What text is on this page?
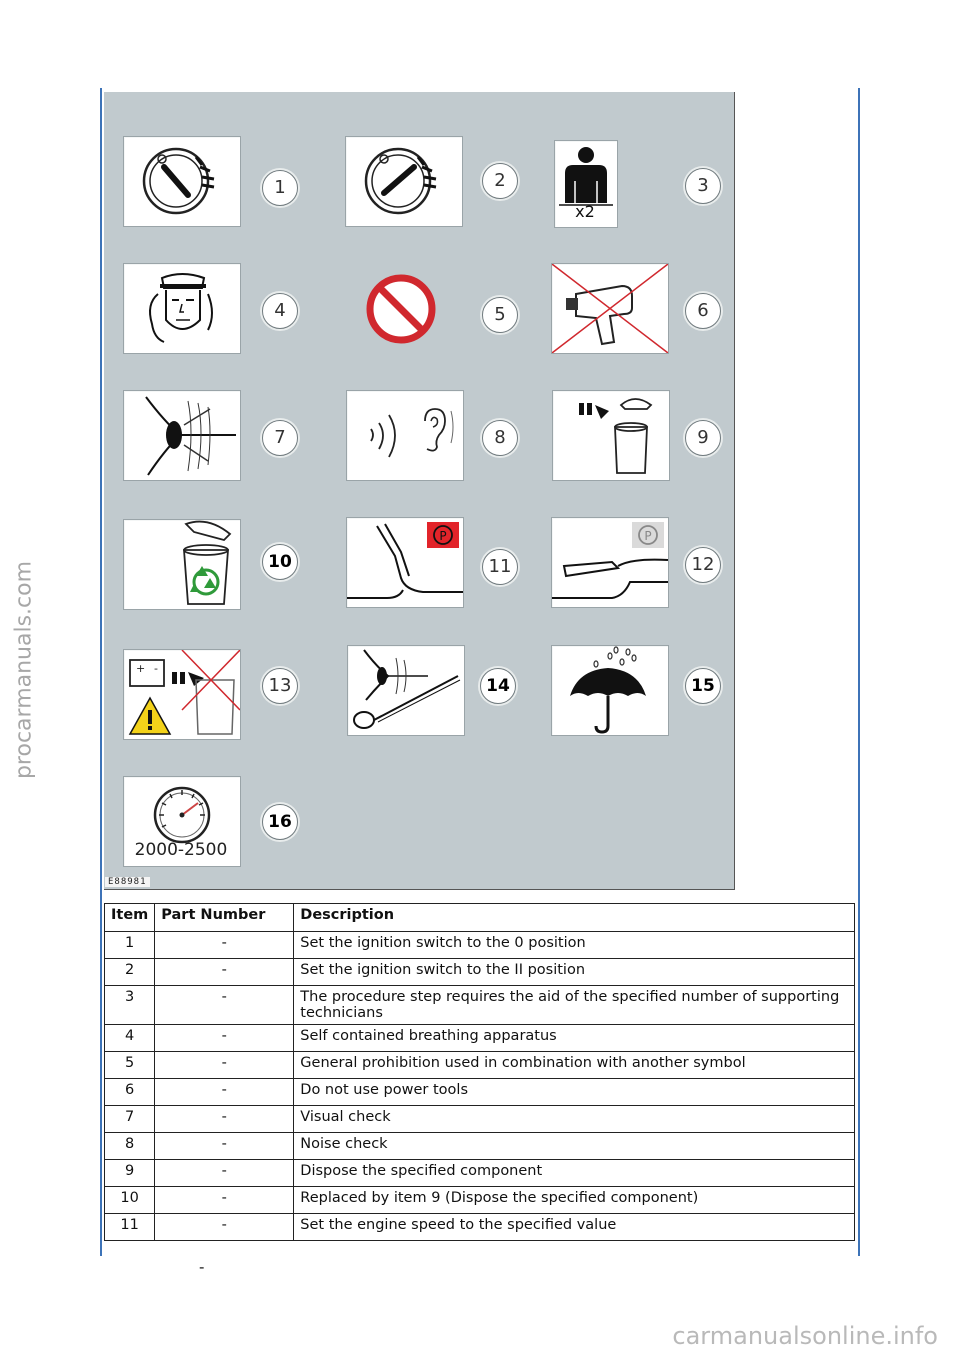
procarmanuals.com
carmanualsonline.info
1	2
x2
3
4	5	6
7	8	9
10
P
11
P
12
+ -
13	14	15
2000-2500
16
E88981
Item	Part Number	Description
1	-	Set the ignition switch to the 0 position
2	-	Set the ignition switch to the II position
3	-	The procedure step requires the aid of the specified number of supporting technicians
4	-	Self contained breathing apparatus
5	-	General prohibition used in combination with another symbol
6	-	Do not use power tools
7	-	Visual check
8	-	Noise check
9	-	Dispose the specified component
10	-	Replaced by item 9 (Dispose the specified component)
11	-	Set the engine speed to the specified value
-
